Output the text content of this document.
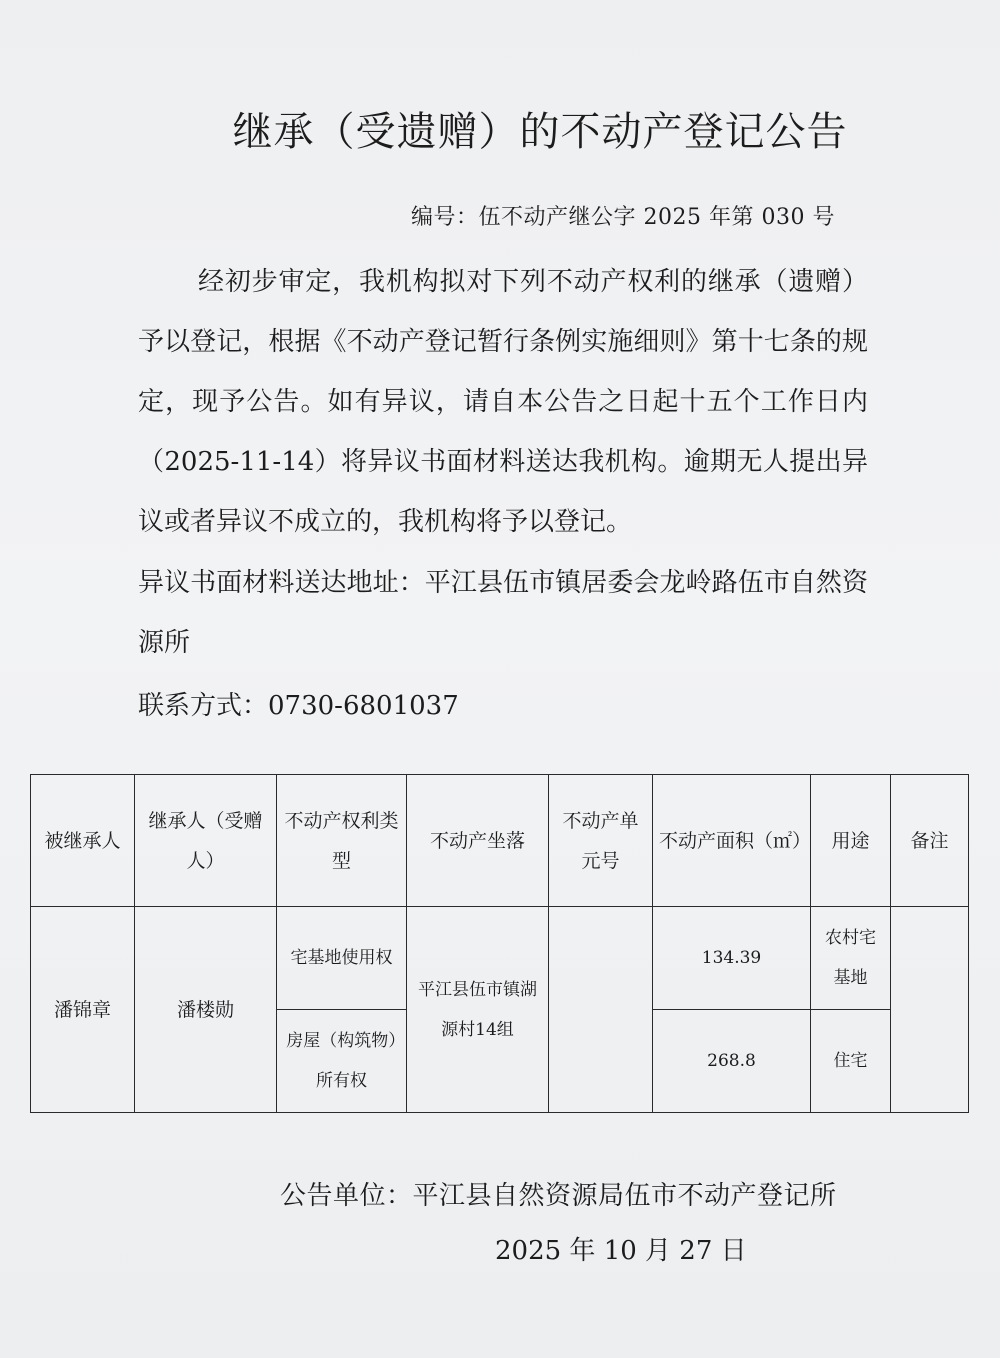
继承（受遗赠）的不动产登记公告
编号：伍不动产继公字 2025 年第 030 号
经初步审定，我机构拟对下列不动产权利的继承（遗赠）予以登记，根据《不动产登记暂行条例实施细则》第十七条的规定，现予公告。如有异议，请自本公告之日起十五个工作日内（2025-11-14）将异议书面材料送达我机构。逾期无人提出异议或者异议不成立的，我机构将予以登记。
异议书面材料送达地址：平江县伍市镇居委会龙岭路伍市自然资源所
联系方式：0730-6801037
被继承人	继承人（受赠人）	不动产权利类型	不动产坐落	不动产单元号	不动产面积（㎡）	用途	备注
潘锦章	潘楼勋	宅基地使用权	平江县伍市镇湖源村14组		134.39	农村宅基地	
		房屋（构筑物）所有权			268.8	住宅	
公告单位：平江县自然资源局伍市不动产登记所
2025 年 10 月 27 日
